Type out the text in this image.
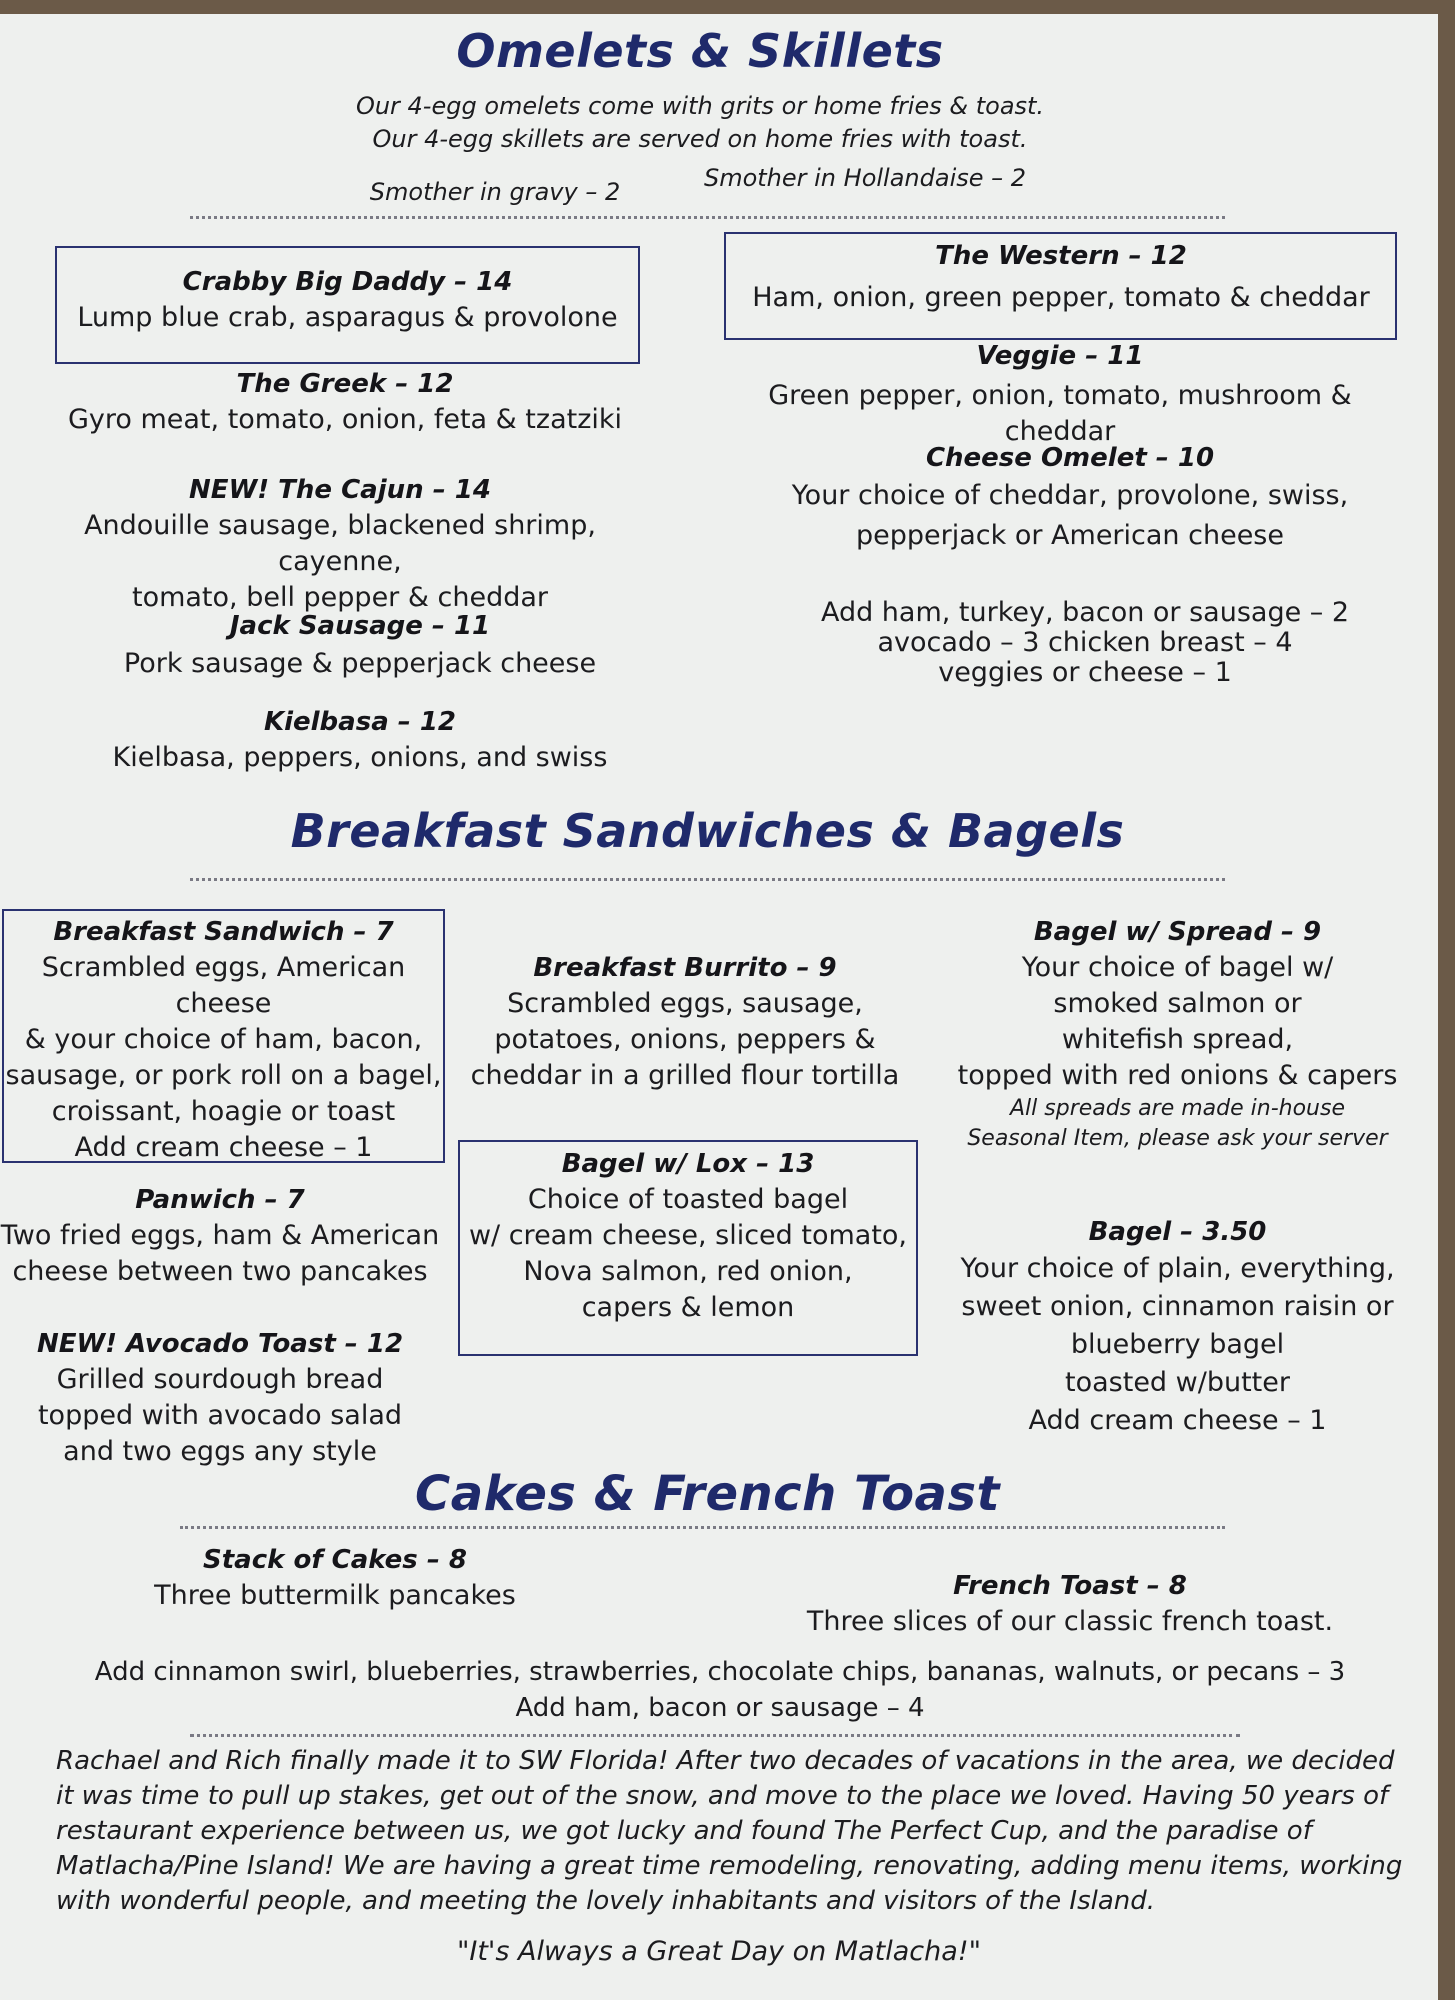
Omelets & Skillets
Our 4-egg omelets come with grits or home fries & toast.
Our 4-egg skillets are served on home fries with toast.
Smother in gravy – 2	Smother in Hollandaise – 2
Crabby Big Daddy – 14
Lump blue crab, asparagus & provolone
The Western – 12
Ham, onion, green pepper, tomato & cheddar
The Greek – 12
Gyro meat, tomato, onion, feta & tzatziki
Veggie – 11
Green pepper, onion, tomato, mushroom & cheddar
NEW! The Cajun – 14
Andouille sausage, blackened shrimp, cayenne,
tomato, bell pepper & cheddar
Cheese Omelet – 10
Your choice of cheddar, provolone, swiss,
pepperjack or American cheese
Add ham, turkey, bacon or sausage – 2
avocado – 3 chicken breast – 4
veggies or cheese – 1
Jack Sausage – 11
Pork sausage & pepperjack cheese
Kielbasa – 12
Kielbasa, peppers, onions, and swiss
Breakfast Sandwiches & Bagels
Breakfast Sandwich – 7
Scrambled eggs, American cheese
& your choice of ham, bacon,
sausage, or pork roll on a bagel,
croissant, hoagie or toast
Add cream cheese – 1
Breakfast Burrito – 9
Scrambled eggs, sausage,
potatoes, onions, peppers &
cheddar in a grilled flour tortilla
Bagel w/ Spread – 9
Your choice of bagel w/
smoked salmon or
whitefish spread,
topped with red onions & capers
All spreads are made in-house
Seasonal Item, please ask your server
Bagel w/ Lox – 13
Choice of toasted bagel
w/ cream cheese, sliced tomato,
Nova salmon, red onion,
capers & lemon
Panwich – 7
Two fried eggs, ham & American
cheese between two pancakes
Bagel – 3.50
Your choice of plain, everything,
sweet onion, cinnamon raisin or
blueberry bagel
toasted w/butter
Add cream cheese – 1
NEW! Avocado Toast – 12
Grilled sourdough bread
topped with avocado salad
and two eggs any style
Cakes & French Toast
Stack of Cakes – 8
Three buttermilk pancakes	French Toast – 8
Three slices of our classic french toast.
Add cinnamon swirl, blueberries, strawberries, chocolate chips, bananas, walnuts, or pecans – 3
Add ham, bacon or sausage – 4
Rachael and Rich finally made it to SW Florida! After two decades of vacations in the area, we decided it was time to pull up stakes, get out of the snow, and move to the place we loved. Having 50 years of restaurant experience between us, we got lucky and found The Perfect Cup, and the paradise of Matlacha/Pine Island! We are having a great time remodeling, renovating, adding menu items, working with wonderful people, and meeting the lovely inhabitants and visitors of the Island.
"It's Always a Great Day on Matlacha!"
